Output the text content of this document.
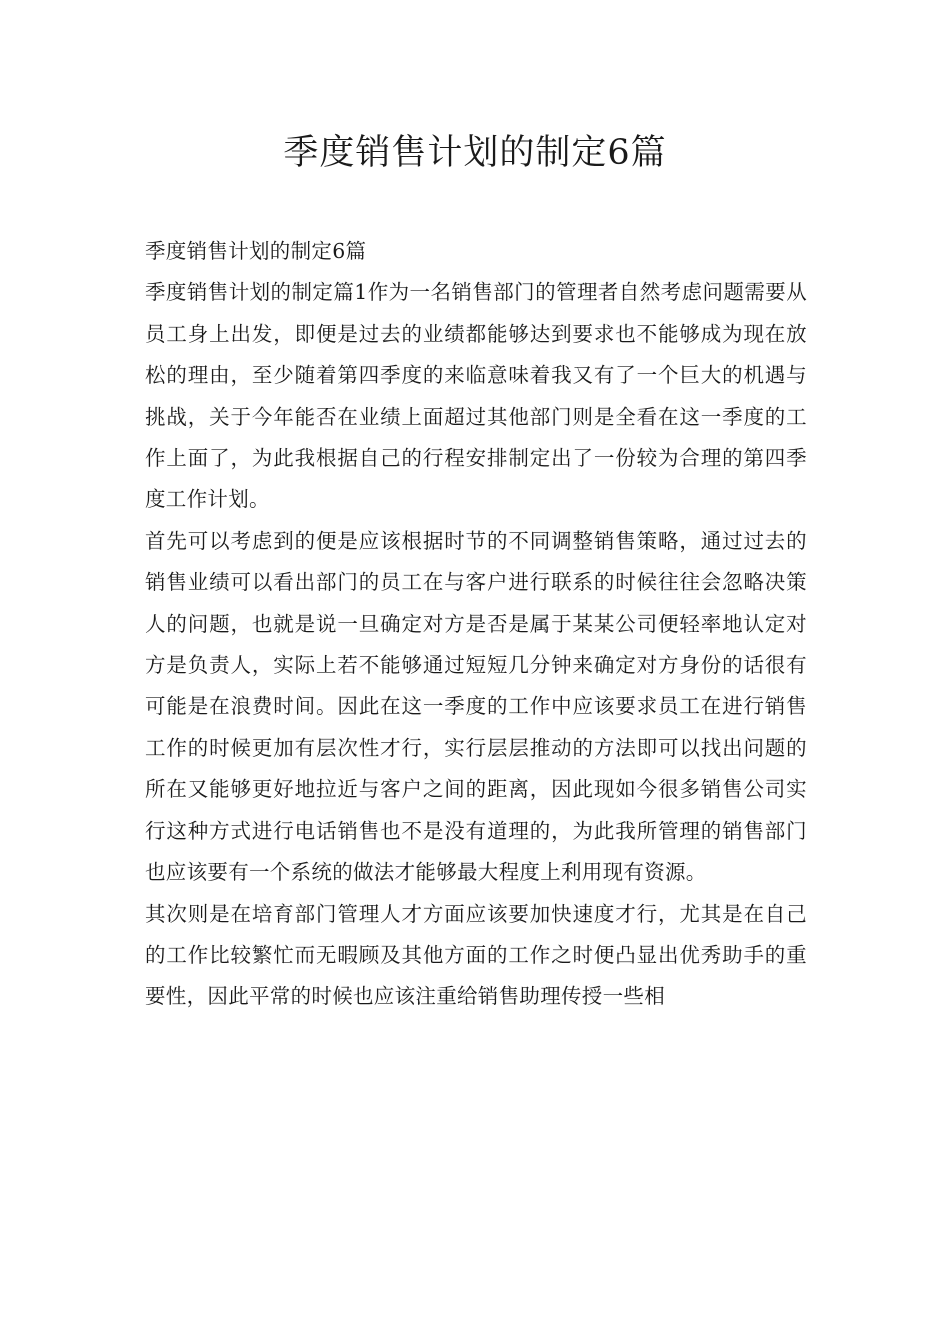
季度销售计划的制定6篇

季度销售计划的制定6篇

季度销售计划的制定篇1作为一名销售部门的管理者自然考虑问题需要从员工身上出发，即便是过去的业绩都能够达到要求也不能够成为现在放松的理由，至少随着第四季度的来临意味着我又有了一个巨大的机遇与挑战，关于今年能否在业绩上面超过其他部门则是全看在这一季度的工作上面了，为此我根据自己的行程安排制定出了一份较为合理的第四季度工作计划。

首先可以考虑到的便是应该根据时节的不同调整销售策略，通过过去的销售业绩可以看出部门的员工在与客户进行联系的时候往往会忽略决策人的问题，也就是说一旦确定对方是否是属于某某公司便轻率地认定对方是负责人，实际上若不能够通过短短几分钟来确定对方身份的话很有可能是在浪费时间。因此在这一季度的工作中应该要求员工在进行销售工作的时候更加有层次性才行，实行层层推动的方法即可以找出问题的所在又能够更好地拉近与客户之间的距离，因此现如今很多销售公司实行这种方式进行电话销售也不是没有道理的，为此我所管理的销售部门也应该要有一个系统的做法才能够最大程度上利用现有资源。

其次则是在培育部门管理人才方面应该要加快速度才行，尤其是在自己的工作比较繁忙而无暇顾及其他方面的工作之时便凸显出优秀助手的重要性，因此平常的时候也应该注重给销售助理传授一些相
